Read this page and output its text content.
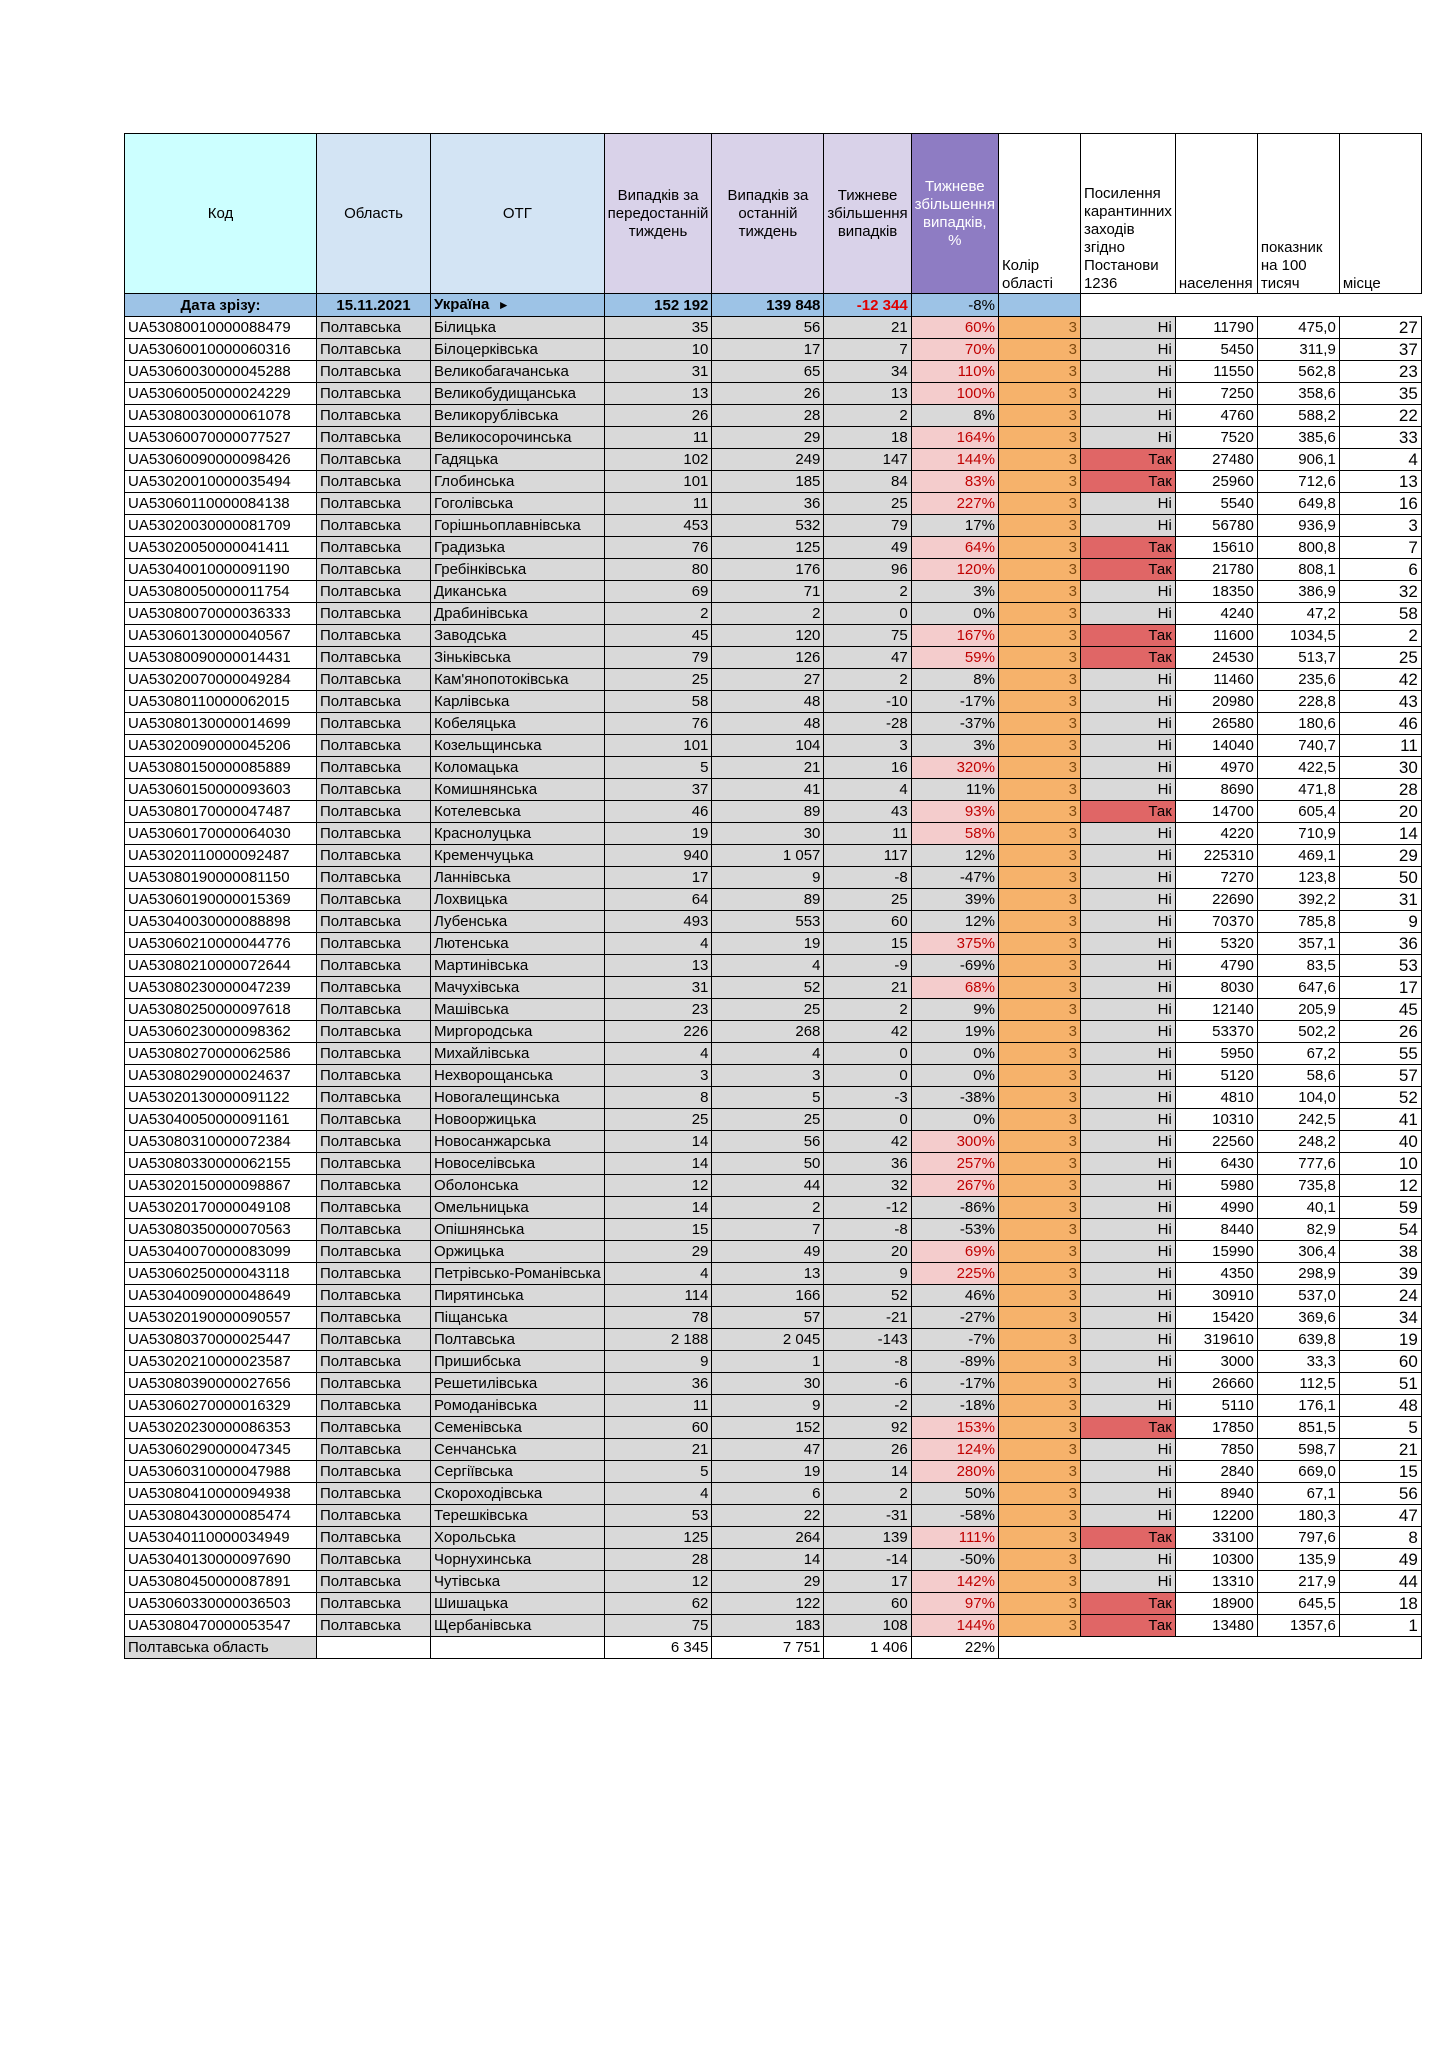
Код	Область	ОТГ	Випадків за передостанній тиждень	Випадків за останній тиждень	Тижневе збільшення випадків	Тижневе збільшення випадків, %	Колір області	Посилення карантинних заходів згідно Постанови 1236	населення	показник на 100 тисяч	місце
Дата зрізу:	15.11.2021	Україна ►	152 192	139 848	-12 344	-8%					
UA53080010000088479	Полтавська	Білицька	35	56	21	60%	3	Ні	11790	475,0	27
UA53060010000060316	Полтавська	Білоцерківська	10	17	7	70%	3	Ні	5450	311,9	37
UA53060030000045288	Полтавська	Великобагачанська	31	65	34	110%	3	Ні	11550	562,8	23
UA53060050000024229	Полтавська	Великобудищанська	13	26	13	100%	3	Ні	7250	358,6	35
UA53080030000061078	Полтавська	Великорублівська	26	28	2	8%	3	Ні	4760	588,2	22
UA53060070000077527	Полтавська	Великосорочинська	11	29	18	164%	3	Ні	7520	385,6	33
UA53060090000098426	Полтавська	Гадяцька	102	249	147	144%	3	Так	27480	906,1	4
UA53020010000035494	Полтавська	Глобинська	101	185	84	83%	3	Так	25960	712,6	13
UA53060110000084138	Полтавська	Гоголівська	11	36	25	227%	3	Ні	5540	649,8	16
UA53020030000081709	Полтавська	Горішньоплавнівська	453	532	79	17%	3	Ні	56780	936,9	3
UA53020050000041411	Полтавська	Градизька	76	125	49	64%	3	Так	15610	800,8	7
UA53040010000091190	Полтавська	Гребінківська	80	176	96	120%	3	Так	21780	808,1	6
UA53080050000011754	Полтавська	Диканська	69	71	2	3%	3	Ні	18350	386,9	32
UA53080070000036333	Полтавська	Драбинівська	2	2	0	0%	3	Ні	4240	47,2	58
UA53060130000040567	Полтавська	Заводська	45	120	75	167%	3	Так	11600	1034,5	2
UA53080090000014431	Полтавська	Зіньківська	79	126	47	59%	3	Так	24530	513,7	25
UA53020070000049284	Полтавська	Кам'янопотоківська	25	27	2	8%	3	Ні	11460	235,6	42
UA53080110000062015	Полтавська	Карлівська	58	48	-10	-17%	3	Ні	20980	228,8	43
UA53080130000014699	Полтавська	Кобеляцька	76	48	-28	-37%	3	Ні	26580	180,6	46
UA53020090000045206	Полтавська	Козельщинська	101	104	3	3%	3	Ні	14040	740,7	11
UA53080150000085889	Полтавська	Коломацька	5	21	16	320%	3	Ні	4970	422,5	30
UA53060150000093603	Полтавська	Комишнянська	37	41	4	11%	3	Ні	8690	471,8	28
UA53080170000047487	Полтавська	Котелевська	46	89	43	93%	3	Так	14700	605,4	20
UA53060170000064030	Полтавська	Краснолуцька	19	30	11	58%	3	Ні	4220	710,9	14
UA53020110000092487	Полтавська	Кременчуцька	940	1 057	117	12%	3	Ні	225310	469,1	29
UA53080190000081150	Полтавська	Ланнівська	17	9	-8	-47%	3	Ні	7270	123,8	50
UA53060190000015369	Полтавська	Лохвицька	64	89	25	39%	3	Ні	22690	392,2	31
UA53040030000088898	Полтавська	Лубенська	493	553	60	12%	3	Ні	70370	785,8	9
UA53060210000044776	Полтавська	Лютенська	4	19	15	375%	3	Ні	5320	357,1	36
UA53080210000072644	Полтавська	Мартинівська	13	4	-9	-69%	3	Ні	4790	83,5	53
UA53080230000047239	Полтавська	Мачухівська	31	52	21	68%	3	Ні	8030	647,6	17
UA53080250000097618	Полтавська	Машівська	23	25	2	9%	3	Ні	12140	205,9	45
UA53060230000098362	Полтавська	Миргородська	226	268	42	19%	3	Ні	53370	502,2	26
UA53080270000062586	Полтавська	Михайлівська	4	4	0	0%	3	Ні	5950	67,2	55
UA53080290000024637	Полтавська	Нехворощанська	3	3	0	0%	3	Ні	5120	58,6	57
UA53020130000091122	Полтавська	Новогалещинська	8	5	-3	-38%	3	Ні	4810	104,0	52
UA53040050000091161	Полтавська	Новооржицька	25	25	0	0%	3	Ні	10310	242,5	41
UA53080310000072384	Полтавська	Новосанжарська	14	56	42	300%	3	Ні	22560	248,2	40
UA53080330000062155	Полтавська	Новоселівська	14	50	36	257%	3	Ні	6430	777,6	10
UA53020150000098867	Полтавська	Оболонська	12	44	32	267%	3	Ні	5980	735,8	12
UA53020170000049108	Полтавська	Омельницька	14	2	-12	-86%	3	Ні	4990	40,1	59
UA53080350000070563	Полтавська	Опішнянська	15	7	-8	-53%	3	Ні	8440	82,9	54
UA53040070000083099	Полтавська	Оржицька	29	49	20	69%	3	Ні	15990	306,4	38
UA53060250000043118	Полтавська	Петрівсько-Романівська	4	13	9	225%	3	Ні	4350	298,9	39
UA53040090000048649	Полтавська	Пирятинська	114	166	52	46%	3	Ні	30910	537,0	24
UA53020190000090557	Полтавська	Піщанська	78	57	-21	-27%	3	Ні	15420	369,6	34
UA53080370000025447	Полтавська	Полтавська	2 188	2 045	-143	-7%	3	Ні	319610	639,8	19
UA53020210000023587	Полтавська	Пришибська	9	1	-8	-89%	3	Ні	3000	33,3	60
UA53080390000027656	Полтавська	Решетилівська	36	30	-6	-17%	3	Ні	26660	112,5	51
UA53060270000016329	Полтавська	Ромоданівська	11	9	-2	-18%	3	Ні	5110	176,1	48
UA53020230000086353	Полтавська	Семенівська	60	152	92	153%	3	Так	17850	851,5	5
UA53060290000047345	Полтавська	Сенчанська	21	47	26	124%	3	Ні	7850	598,7	21
UA53060310000047988	Полтавська	Сергіївська	5	19	14	280%	3	Ні	2840	669,0	15
UA53080410000094938	Полтавська	Скороходівська	4	6	2	50%	3	Ні	8940	67,1	56
UA53080430000085474	Полтавська	Терешківська	53	22	-31	-58%	3	Ні	12200	180,3	47
UA53040110000034949	Полтавська	Хорольська	125	264	139	111%	3	Так	33100	797,6	8
UA53040130000097690	Полтавська	Чорнухинська	28	14	-14	-50%	3	Ні	10300	135,9	49
UA53080450000087891	Полтавська	Чутівська	12	29	17	142%	3	Ні	13310	217,9	44
UA53060330000036503	Полтавська	Шишацька	62	122	60	97%	3	Так	18900	645,5	18
UA53080470000053547	Полтавська	Щербанівська	75	183	108	144%	3	Так	13480	1357,6	1
Полтавська область			6 345	7 751	1 406	22%					
